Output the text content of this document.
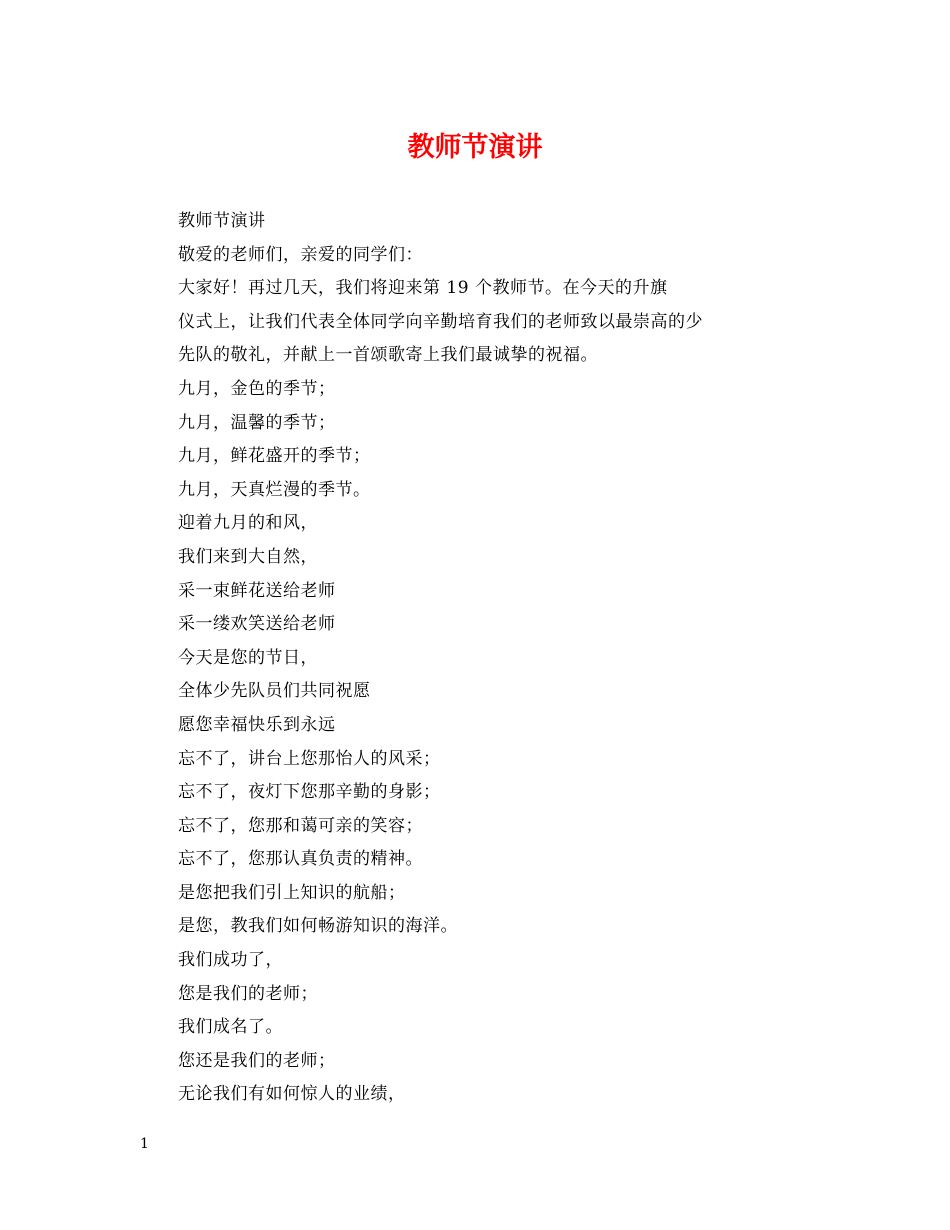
教师节演讲
教师节演讲
敬爱的老师们，亲爱的同学们：
大家好！再过几天，我们将迎来第 19 个教师节。在今天的升旗
仪式上，让我们代表全体同学向辛勤培育我们的老师致以最崇高的少
先队的敬礼，并献上一首颂歌寄上我们最诚挚的祝福。
九月，金色的季节；
九月，温馨的季节；
九月，鲜花盛开的季节；
九月，天真烂漫的季节。
迎着九月的和风，
我们来到大自然，
采一束鲜花送给老师
采一缕欢笑送给老师
今天是您的节日，
全体少先队员们共同祝愿
愿您幸福快乐到永远
忘不了，讲台上您那怡人的风采；
忘不了，夜灯下您那辛勤的身影；
忘不了，您那和蔼可亲的笑容；
忘不了，您那认真负责的精神。
是您把我们引上知识的航船；
是您，教我们如何畅游知识的海洋。
我们成功了，
您是我们的老师；
我们成名了。
您还是我们的老师；
无论我们有如何惊人的业绩，
1
